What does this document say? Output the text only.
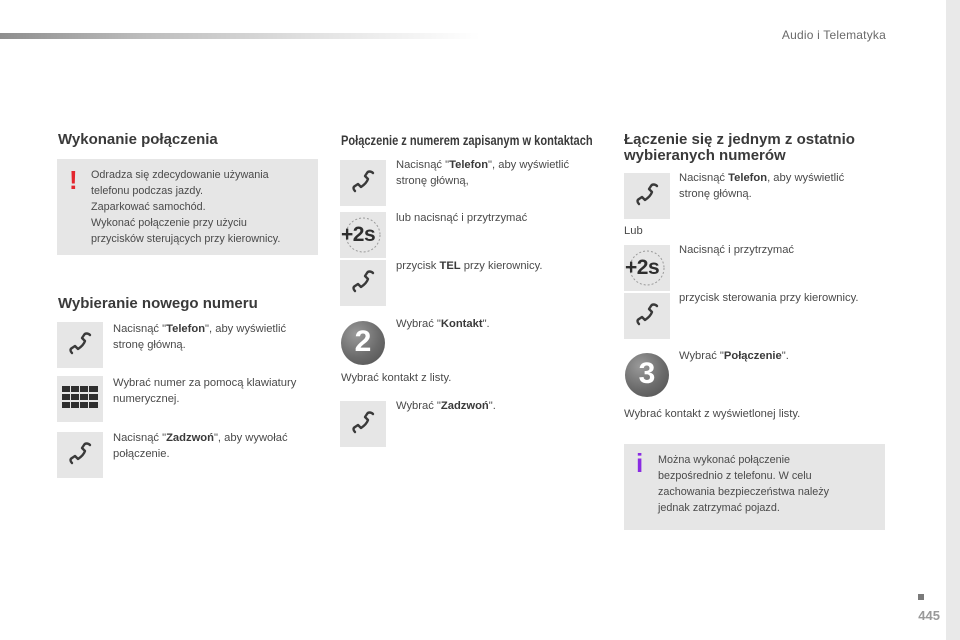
Audio i Telematyka
Wykonanie połączenia
! Odradza się zdecydowanie używania
telefonu podczas jazdy.
Zaparkować samochód.
Wykonać połączenie przy użyciu
przycisków sterujących przy kierownicy.
Wybieranie nowego numeru
Nacisnąć "Telefon", aby wyświetlić
stronę główną.
Wybrać numer za pomocą klawiatury
numerycznej.
Nacisnąć "Zadzwoń", aby wywołać
połączenie.
Połączenie z numerem zapisanym w kontaktach
Nacisnąć "Telefon", aby wyświetlić
stronę główną,
+2s
lub nacisnąć i przytrzymać
przycisk TEL przy kierownicy.
2
Wybrać "Kontakt".
Wybrać kontakt z listy.
Wybrać "Zadzwoń".
Łączenie się z jednym z ostatnio
wybieranych numerów
Nacisnąć Telefon, aby wyświetlić
stronę główną.
Lub
+2s
Nacisnąć i przytrzymać
przycisk sterowania przy kierownicy.
3
Wybrać "Połączenie".
Wybrać kontakt z wyświetlonej listy.
i Można wykonać połączenie
bezpośrednio z telefonu. W celu
zachowania bezpieczeństwa należy
jednak zatrzymać pojazd.
445
